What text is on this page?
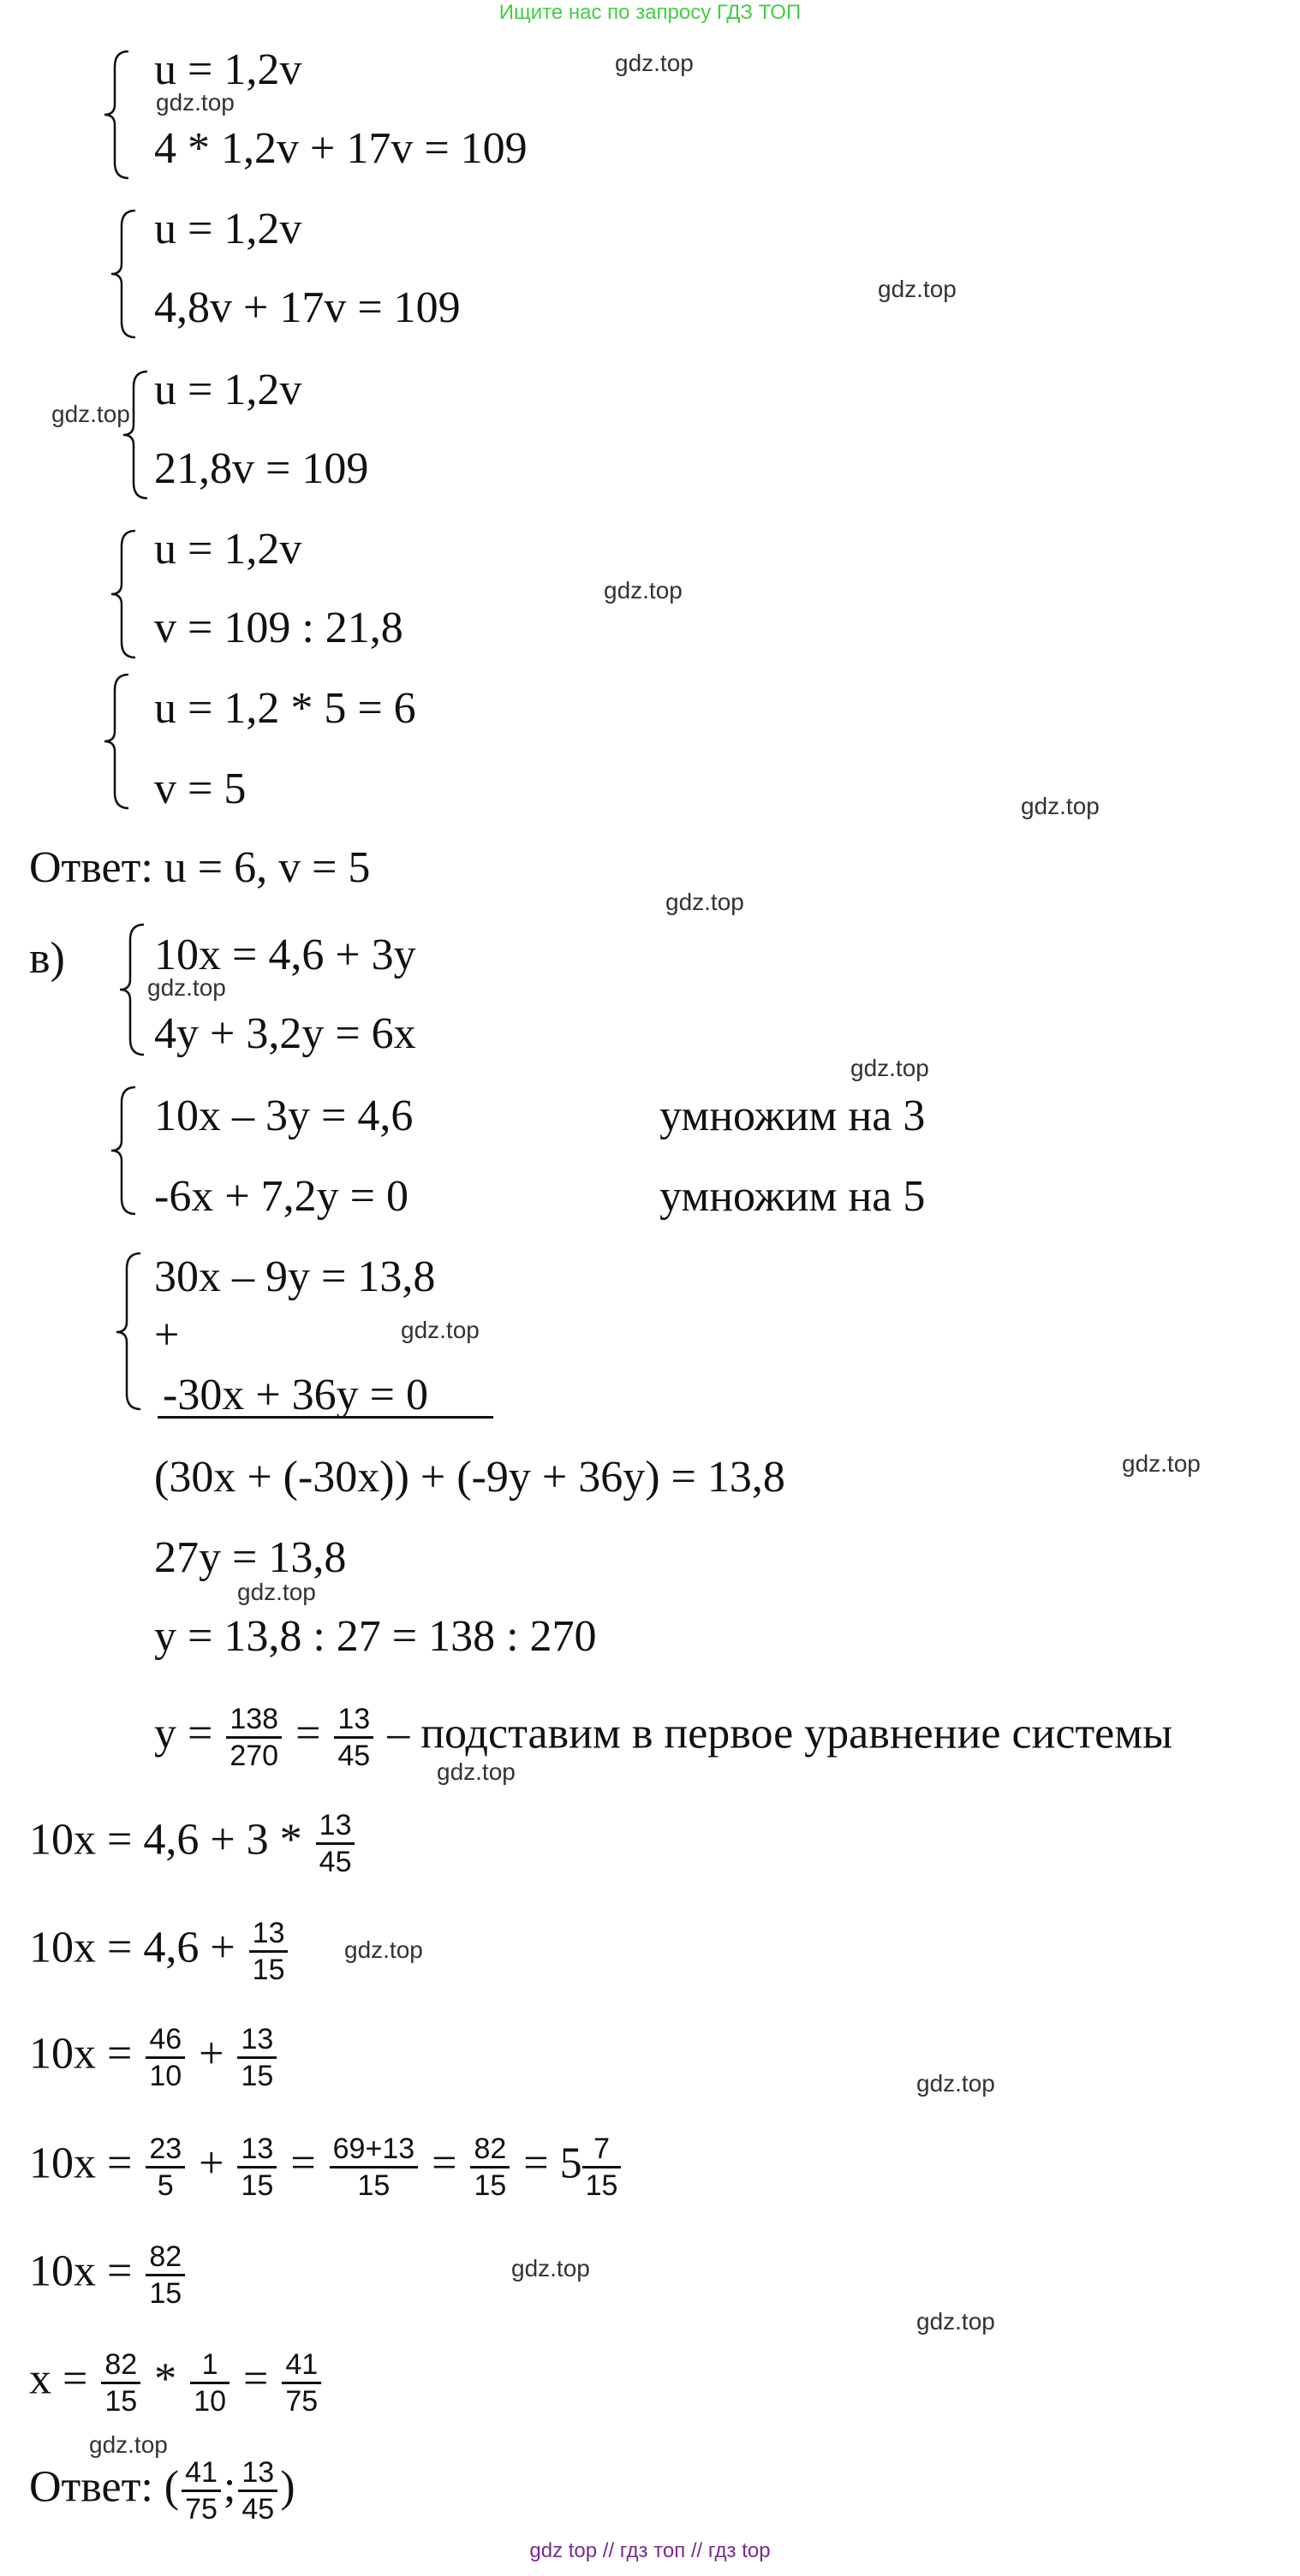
Ищите нас по запросу ГДЗ ТОП
gdz.top
gdz.top
gdz.top
gdz.top
gdz.top
gdz.top
gdz.top
gdz.top
gdz.top
gdz.top
gdz.top
gdz.top
gdz.top
gdz.top
gdz.top
gdz.top
gdz.top
gdz.top
u = 1,2v
4 * 1,2v + 17v = 109
u = 1,2v
4,8v + 17v = 109
u = 1,2v
21,8v = 109
u = 1,2v
v = 109 : 21,8
u = 1,2 * 5 = 6
v = 5
Ответ: u = 6, v = 5
в) 10x = 4,6 + 3y
4y + 3,2y = 6x
10x – 3y = 4,6	умножим на 3
-6x + 7,2y = 0	умножим на 5
30x – 9y = 13,8
+
-30x + 36y = 0
(30x + (-30x)) + (-9y + 36y) = 13,8
27y = 13,8
y = 13,8 : 27 = 138 : 270
$y = \frac{138}{270} = \frac{13}{45}$ – подставим в первое уравнение системы
$10x = 4,6 + 3 * \frac{13}{45}$
$10x = 4,6 + \frac{13}{15}$
$10x = \frac{46}{10} + \frac{13}{15}$
$10x = \frac{23}{5} + \frac{13}{15} = \frac{69+13}{15} = \frac{82}{15} = 5 \frac{7}{15}$
$10x = \frac{82}{15}$
$x = \frac{82}{15} * \frac{1}{10} = \frac{41}{75}$
Ответ: ( $\frac{41}{75}$ ; $\frac{13}{45}$ )
gdz top // гдз топ // гдз top
